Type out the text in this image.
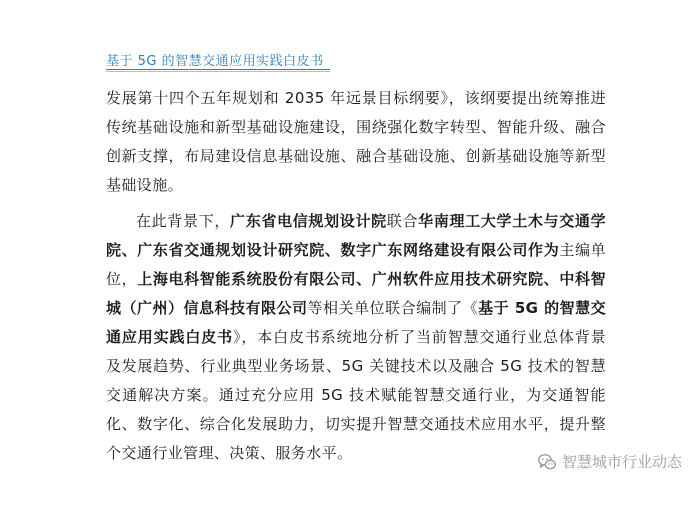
基于 5G 的智慧交通应用实践白皮书

发展第十四个五年规划和 2035 年远景目标纲要》，该纲要提出统筹推进传统基础设施和新型基础设施建设，围绕强化数字转型、智能升级、融合创新支撑，布局建设信息基础设施、融合基础设施、创新基础设施等新型基础设施。

在此背景下，广东省电信规划设计院联合华南理工大学土木与交通学院、广东省交通规划设计研究院、数字广东网络建设有限公司作为主编单位，上海电科智能系统股份有限公司、广州软件应用技术研究院、中科智城（广州）信息科技有限公司等相关单位联合编制了《基于 5G 的智慧交通应用实践白皮书》，本白皮书系统地分析了当前智慧交通行业总体背景及发展趋势、行业典型业务场景、5G 关键技术以及融合 5G 技术的智慧交通解决方案。通过充分应用 5G 技术赋能智慧交通行业，为交通智能化、数字化、综合化发展助力，切实提升智慧交通技术应用水平，提升整个交通行业管理、决策、服务水平。	智慧城市行业动态
